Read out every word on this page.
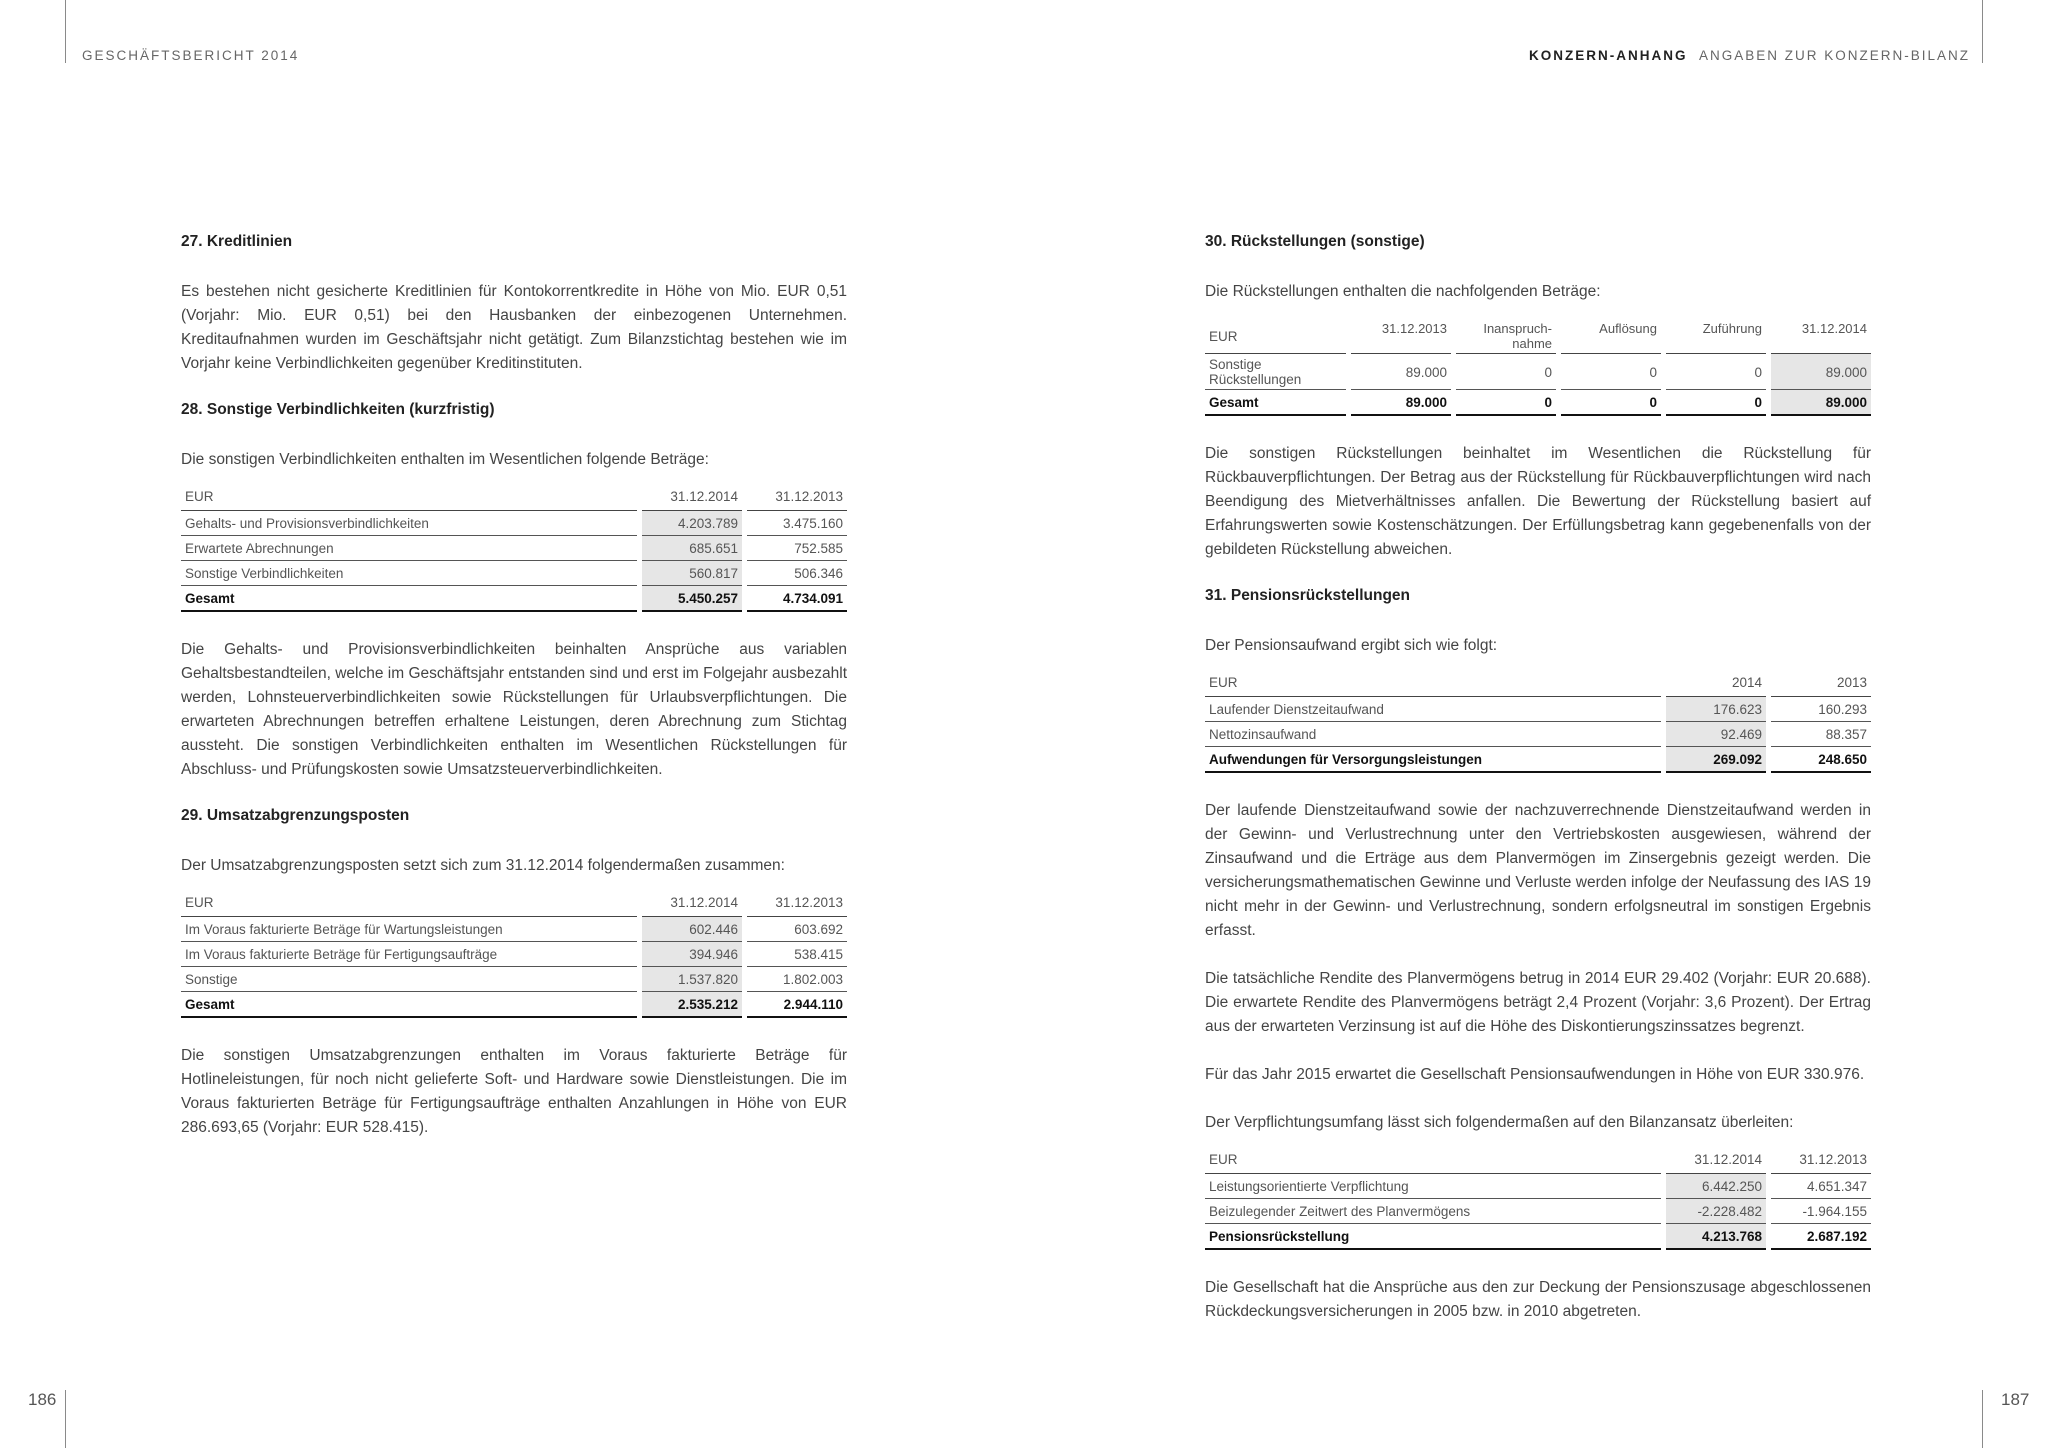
GESCHÄFTSBERICHT 2014	KONZERN-ANHANG ANGABEN ZUR KONZERN-BILANZ
186	187
27. Kreditlinien

Es bestehen nicht gesicherte Kreditlinien für Kontokorrentkredite in Höhe von Mio. EUR 0,51 (Vorjahr: Mio. EUR 0,51) bei den Hausbanken der einbezogenen Unternehmen. Kreditaufnahmen wurden im Geschäftsjahr nicht getätigt. Zum Bilanzstichtag bestehen wie im Vorjahr keine Verbindlichkeiten gegenüber Kreditinstituten.

28. Sonstige Verbindlichkeiten (kurzfristig)

Die sonstigen Verbindlichkeiten enthalten im Wesentlichen folgende Beträge:

EUR	31.12.2014	31.12.2013
Gehalts- und Provisionsverbindlichkeiten	4.203.789	3.475.160
Erwartete Abrechnungen	685.651	752.585
Sonstige Verbindlichkeiten	560.817	506.346
Gesamt	5.450.257	4.734.091

Die Gehalts- und Provisionsverbindlichkeiten beinhalten Ansprüche aus variablen Gehaltsbestandteilen, welche im Geschäftsjahr entstanden sind und erst im Folgejahr ausbezahlt werden, Lohnsteuerverbindlichkeiten sowie Rückstellungen für Urlaubsverpflichtungen. Die erwarteten Abrechnungen betreffen erhaltene Leistungen, deren Abrechnung zum Stichtag aussteht. Die sonstigen Verbindlichkeiten enthalten im Wesentlichen Rückstellungen für Abschluss- und Prüfungskosten sowie Umsatzsteuerverbindlichkeiten.

29. Umsatzabgrenzungsposten

Der Umsatzabgrenzungsposten setzt sich zum 31.12.2014 folgendermaßen zusammen:

EUR	31.12.2014	31.12.2013
Im Voraus fakturierte Beträge für Wartungsleistungen	602.446	603.692
Im Voraus fakturierte Beträge für Fertigungsaufträge	394.946	538.415
Sonstige	1.537.820	1.802.003
Gesamt	2.535.212	2.944.110

Die sonstigen Umsatzabgrenzungen enthalten im Voraus fakturierte Beträge für Hotlineleistungen, für noch nicht gelieferte Soft- und Hardware sowie Dienstleistungen. Die im Voraus fakturierten Beträge für Fertigungsaufträge enthalten Anzahlungen in Höhe von EUR 286.693,65 (Vorjahr: EUR 528.415).

30. Rückstellungen (sonstige)

Die Rückstellungen enthalten die nachfolgenden Beträge:

EUR	31.12.2013	Inanspruch-nahme	Auflösung	Zuführung	31.12.2014
Sonstige Rückstellungen	89.000	0	0	0	89.000
Gesamt	89.000	0	0	0	89.000

Die sonstigen Rückstellungen beinhaltet im Wesentlichen die Rückstellung für Rückbauverpflichtungen. Der Betrag aus der Rückstellung für Rückbauverpflichtungen wird nach Beendigung des Mietverhältnisses anfallen. Die Bewertung der Rückstellung basiert auf Erfahrungswerten sowie Kostenschätzungen. Der Erfüllungsbetrag kann gegebenenfalls von der gebildeten Rückstellung abweichen.

31. Pensionsrückstellungen

Der Pensionsaufwand ergibt sich wie folgt:

EUR	2014	2013
Laufender Dienstzeitaufwand	176.623	160.293
Nettozinsaufwand	92.469	88.357
Aufwendungen für Versorgungsleistungen	269.092	248.650

Der laufende Dienstzeitaufwand sowie der nachzuverrechnende Dienstzeitaufwand werden in der Gewinn- und Verlustrechnung unter den Vertriebskosten ausgewiesen, während der Zinsaufwand und die Erträge aus dem Planvermögen im Zinsergebnis gezeigt werden. Die versicherungsmathematischen Gewinne und Verluste werden infolge der Neufassung des IAS 19 nicht mehr in der Gewinn- und Verlustrechnung, sondern erfolgsneutral im sonstigen Ergebnis erfasst.

Die tatsächliche Rendite des Planvermögens betrug in 2014 EUR 29.402 (Vorjahr: EUR 20.688). Die erwartete Rendite des Planvermögens beträgt 2,4 Prozent (Vorjahr: 3,6 Prozent). Der Ertrag aus der erwarteten Verzinsung ist auf die Höhe des Diskontierungszinssatzes begrenzt.

Für das Jahr 2015 erwartet die Gesellschaft Pensionsaufwendungen in Höhe von EUR 330.976.

Der Verpflichtungsumfang lässt sich folgendermaßen auf den Bilanzansatz überleiten:

EUR	31.12.2014	31.12.2013
Leistungsorientierte Verpflichtung	6.442.250	4.651.347
Beizulegender Zeitwert des Planvermögens	-2.228.482	-1.964.155
Pensionsrückstellung	4.213.768	2.687.192

Die Gesellschaft hat die Ansprüche aus den zur Deckung der Pensionszusage abgeschlossenen Rückdeckungsversicherungen in 2005 bzw. in 2010 abgetreten.
